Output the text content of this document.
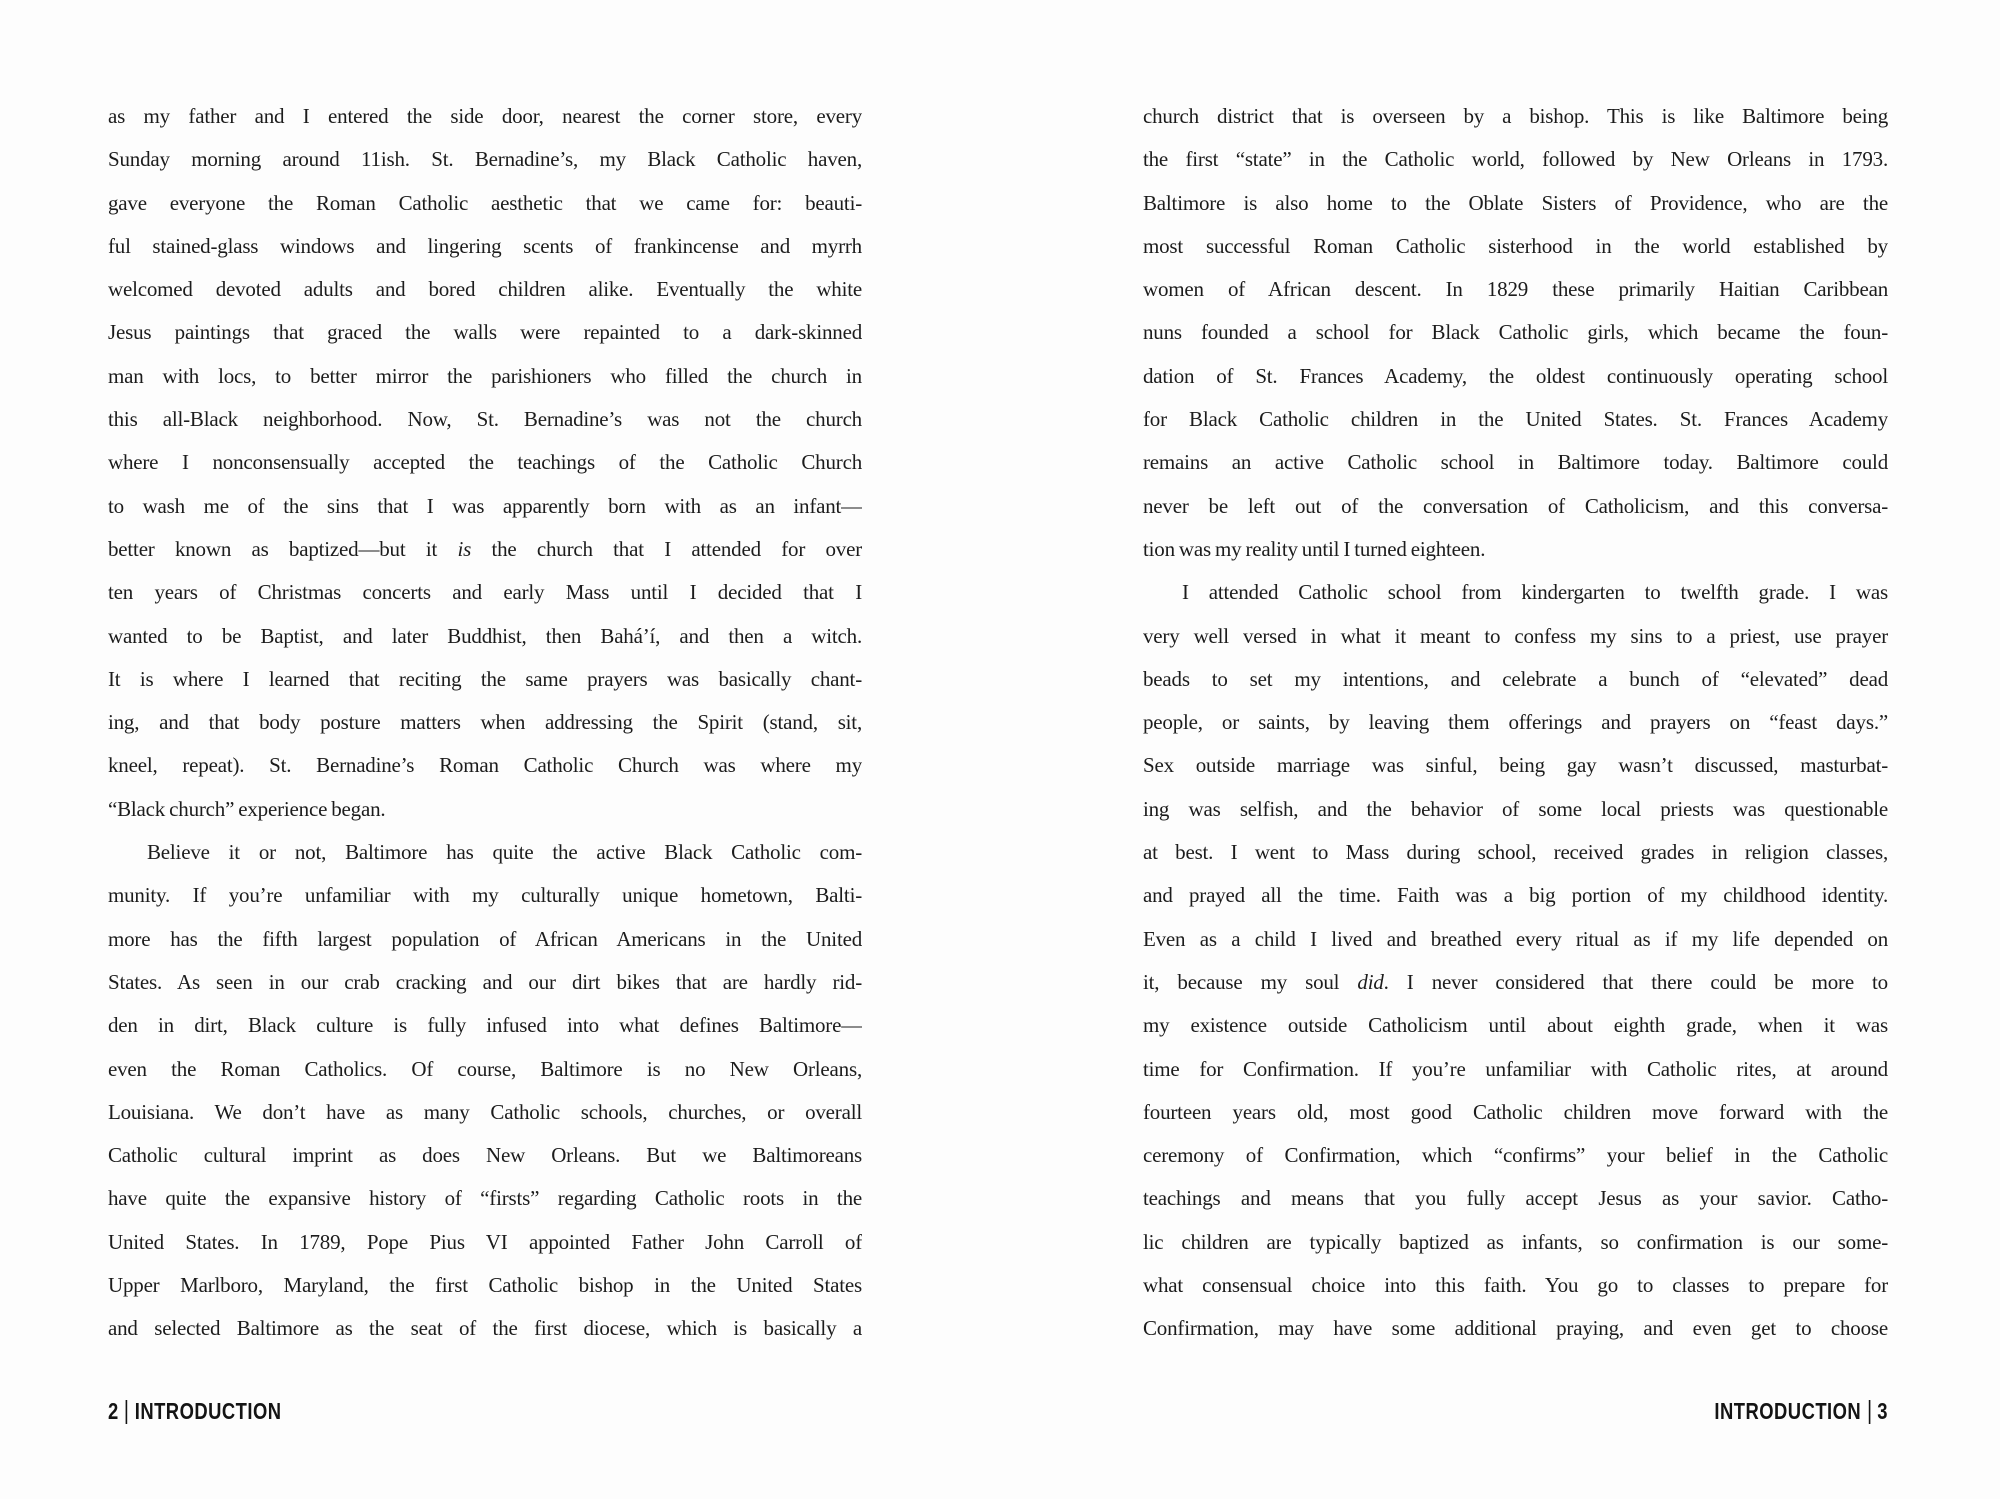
as my father and I entered the side door, nearest the corner store, every
Sunday morning around 11ish. St. Bernadine’s, my Black Catholic haven,
gave everyone the Roman Catholic aesthetic that we came for: beauti-
ful stained-glass windows and lingering scents of frankincense and myrrh
welcomed devoted adults and bored children alike. Eventually the white
Jesus paintings that graced the walls were repainted to a dark-skinned
man with locs, to better mirror the parishioners who filled the church in
this all-Black neighborhood. Now, St. Bernadine’s was not the church
where I nonconsensually accepted the teachings of the Catholic Church
to wash me of the sins that I was apparently born with as an infant—
better known as baptized—but it is the church that I attended for over
ten years of Christmas concerts and early Mass until I decided that I
wanted to be Baptist, and later Buddhist, then Bahá’í, and then a witch.
It is where I learned that reciting the same prayers was basically chant-
ing, and that body posture matters when addressing the Spirit (stand, sit,
kneel, repeat). St. Bernadine’s Roman Catholic Church was where my
“Black church” experience began.
Believe it or not, Baltimore has quite the active Black Catholic com-
munity. If you’re unfamiliar with my culturally unique hometown, Balti-
more has the fifth largest population of African Americans in the United
States. As seen in our crab cracking and our dirt bikes that are hardly rid-
den in dirt, Black culture is fully infused into what defines Baltimore—
even the Roman Catholics. Of course, Baltimore is no New Orleans,
Louisiana. We don’t have as many Catholic schools, churches, or overall
Catholic cultural imprint as does New Orleans. But we Baltimoreans
have quite the expansive history of “firsts” regarding Catholic roots in the
United States. In 1789, Pope Pius VI appointed Father John Carroll of
Upper Marlboro, Maryland, the first Catholic bishop in the United States
and selected Baltimore as the seat of the first diocese, which is basically a
2 INTRODUCTION
church district that is overseen by a bishop. This is like Baltimore being
the first “state” in the Catholic world, followed by New Orleans in 1793.
Baltimore is also home to the Oblate Sisters of Providence, who are the
most successful Roman Catholic sisterhood in the world established by
women of African descent. In 1829 these primarily Haitian Caribbean
nuns founded a school for Black Catholic girls, which became the foun-
dation of St. Frances Academy, the oldest continuously operating school
for Black Catholic children in the United States. St. Frances Academy
remains an active Catholic school in Baltimore today. Baltimore could
never be left out of the conversation of Catholicism, and this conversa-
tion was my reality until I turned eighteen.
I attended Catholic school from kindergarten to twelfth grade. I was
very well versed in what it meant to confess my sins to a priest, use prayer
beads to set my intentions, and celebrate a bunch of “elevated” dead
people, or saints, by leaving them offerings and prayers on “feast days.”
Sex outside marriage was sinful, being gay wasn’t discussed, masturbat-
ing was selfish, and the behavior of some local priests was questionable
at best. I went to Mass during school, received grades in religion classes,
and prayed all the time. Faith was a big portion of my childhood identity.
Even as a child I lived and breathed every ritual as if my life depended on
it, because my soul did. I never considered that there could be more to
my existence outside Catholicism until about eighth grade, when it was
time for Confirmation. If you’re unfamiliar with Catholic rites, at around
fourteen years old, most good Catholic children move forward with the
ceremony of Confirmation, which “confirms” your belief in the Catholic
teachings and means that you fully accept Jesus as your savior. Catho-
lic children are typically baptized as infants, so confirmation is our some-
what consensual choice into this faith. You go to classes to prepare for
Confirmation, may have some additional praying, and even get to choose
INTRODUCTION 3
